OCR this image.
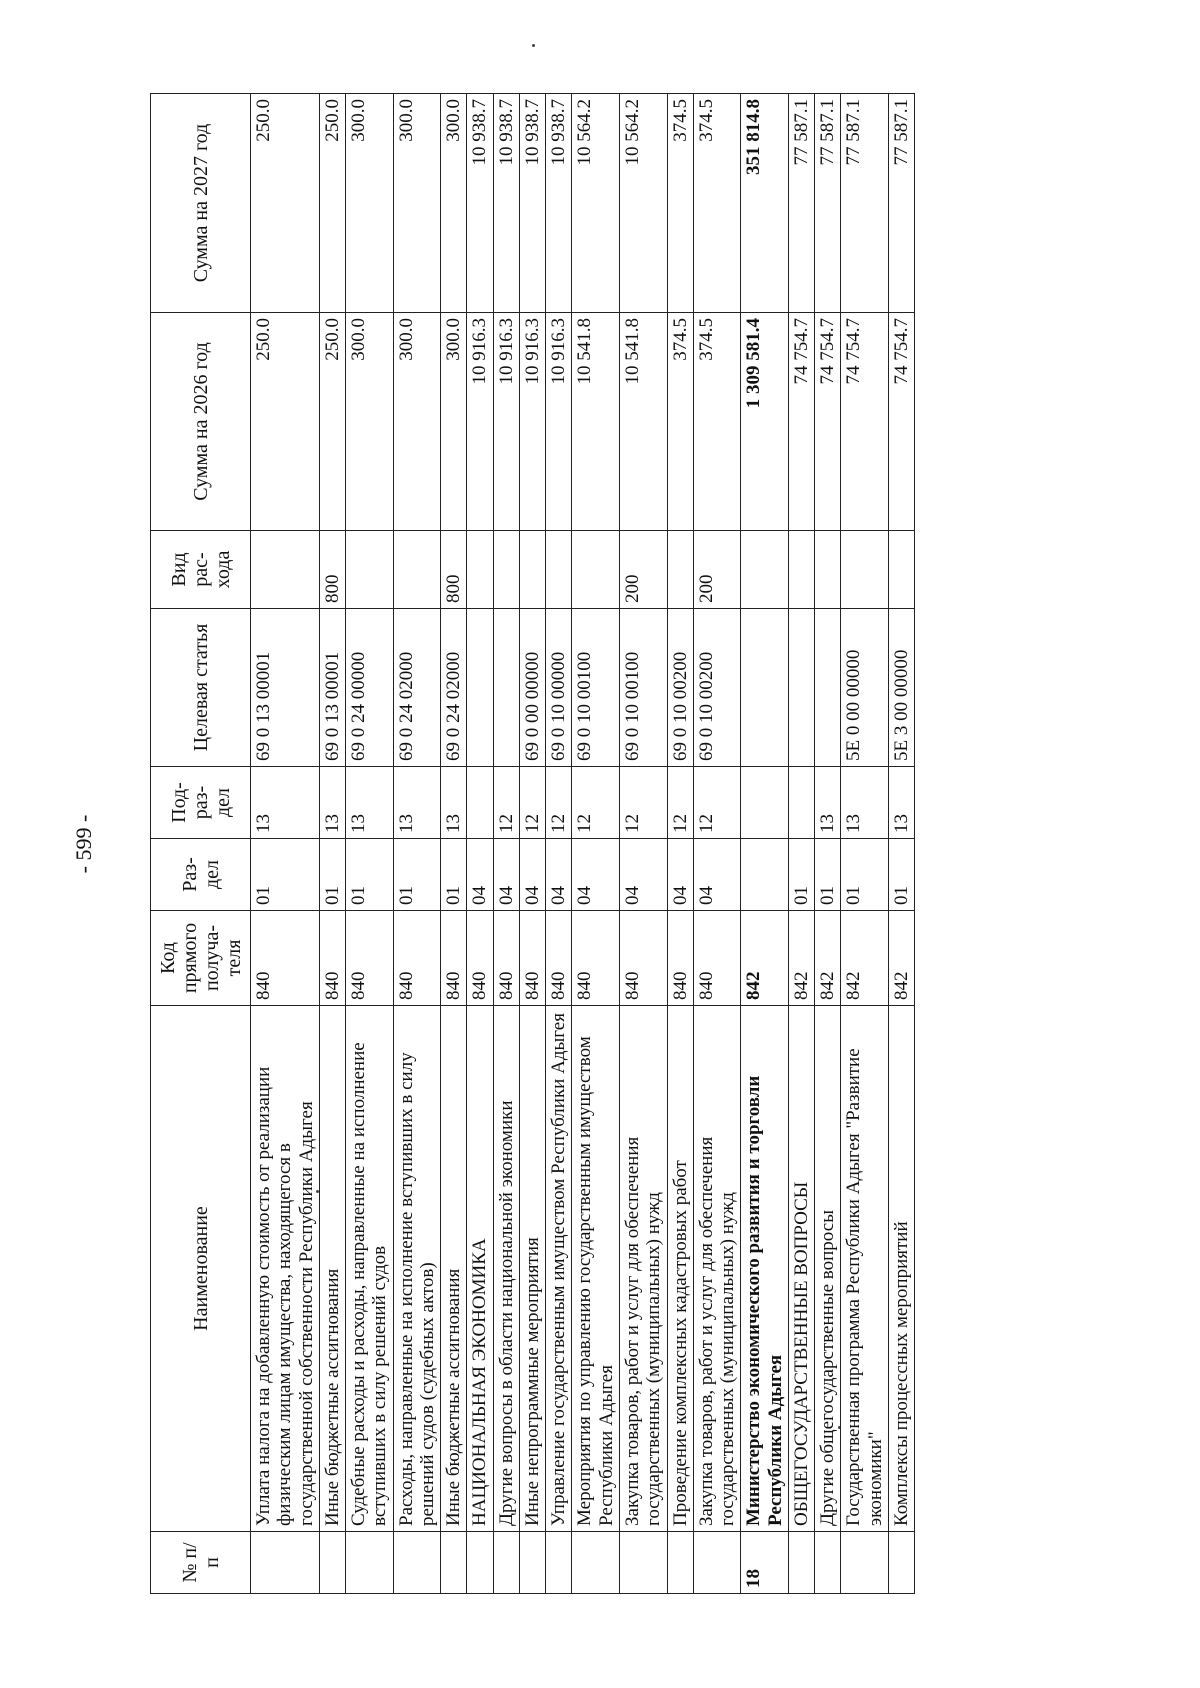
- 599 -
№ п/п	Наименование	Код прямого получа-теля	Раз-дел	Под-раз-дел	Целевая статья	Вид рас-хода	Сумма на 2026 год	Сумма на 2027 год
	Уплата налога на добавленную стоимость от реализации физическим лицам имущества, находящегося в государственной собственности Республики Адыгея	840	01	13	69 0 13 00001		250.0	250.0
	Иные бюджетные ассигнования	840	01	13	69 0 13 00001	800	250.0	250.0
	Судебные расходы и расходы, направленные на исполнение вступивших в силу решений судов	840	01	13	69 0 24 00000		300.0	300.0
	Расходы, направленные на исполнение вступивших в силу решений судов (судебных актов)	840	01	13	69 0 24 02000		300.0	300.0
	Иные бюджетные ассигнования	840	01	13	69 0 24 02000	800	300.0	300.0
	НАЦИОНАЛЬНАЯ ЭКОНОМИКА	840	04				10 916.3	10 938.7
	Другие вопросы в области национальной экономики	840	04	12			10 916.3	10 938.7
	Иные непрограммные мероприятия	840	04	12	69 0 00 00000		10 916.3	10 938.7
	Управление государственным имуществом Республики Адыгея	840	04	12	69 0 10 00000		10 916.3	10 938.7
	Мероприятия по управлению государственным имуществом Республики Адыгея	840	04	12	69 0 10 00100		10 541.8	10 564.2
	Закупка товаров, работ и услуг для обеспечения государственных (муниципальных) нужд	840	04	12	69 0 10 00100	200	10 541.8	10 564.2
	Проведение комплексных кадастровых работ	840	04	12	69 0 10 00200		374.5	374.5
	Закупка товаров, работ и услуг для обеспечения государственных (муниципальных) нужд	840	04	12	69 0 10 00200	200	374.5	374.5
18	Министерство экономического развития и торговли Республики Адыгея	842					1 309 581.4	351 814.8
	ОБЩЕГОСУДАРСТВЕННЫЕ ВОПРОСЫ	842	01				74 754.7	77 587.1
	Другие общегосударственные вопросы	842	01	13			74 754.7	77 587.1
	Государственная программа Республики Адыгея "Развитие экономики"	842	01	13	5Е 0 00 00000		74 754.7	77 587.1
	Комплексы процессных мероприятий	842	01	13	5Е 3 00 00000		74 754.7	77 587.1
